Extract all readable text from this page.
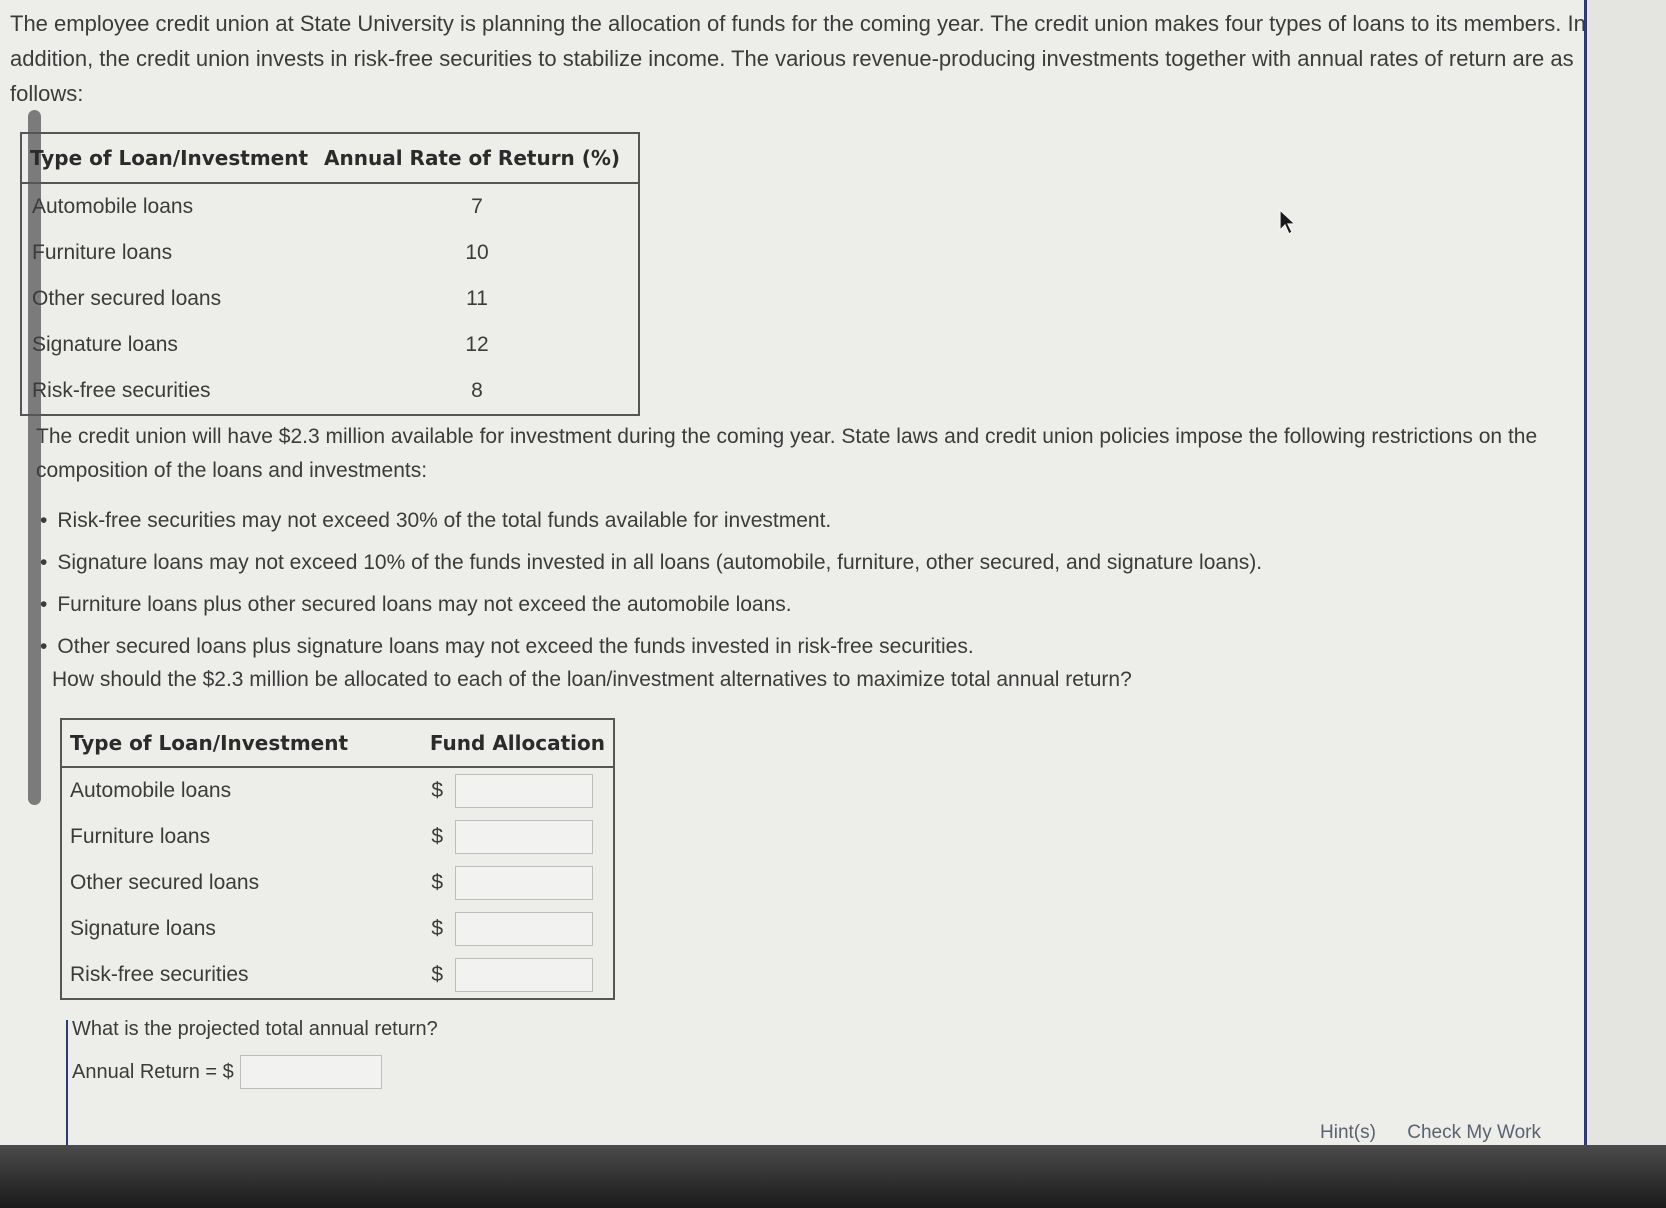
The employee credit union at State University is planning the allocation of funds for the coming year. The credit union makes four types of loans to its members. In addition, the credit union invests in risk-free securities to stabilize income. The various revenue-producing investments together with annual rates of return are as follows:

Type of Loan/Investment	Annual Rate of Return (%)
Automobile loans	7
Furniture loans	10
Other secured loans	11
Signature loans	12
Risk-free securities	8

The credit union will have $2.3 million available for investment during the coming year. State laws and credit union policies impose the following restrictions on the composition of the loans and investments:

• Risk-free securities may not exceed 30% of the total funds available for investment.
• Signature loans may not exceed 10% of the funds invested in all loans (automobile, furniture, other secured, and signature loans).
• Furniture loans plus other secured loans may not exceed the automobile loans.
• Other secured loans plus signature loans may not exceed the funds invested in risk-free securities.

How should the $2.3 million be allocated to each of the loan/investment alternatives to maximize total annual return?

Type of Loan/Investment	Fund Allocation	
Automobile loans	$	
Furniture loans	$	
Other secured loans	$	
Signature loans	$	
Risk-free securities	$	

What is the projected total annual return?

Annual Return = $
Hint(s) Check My Work
